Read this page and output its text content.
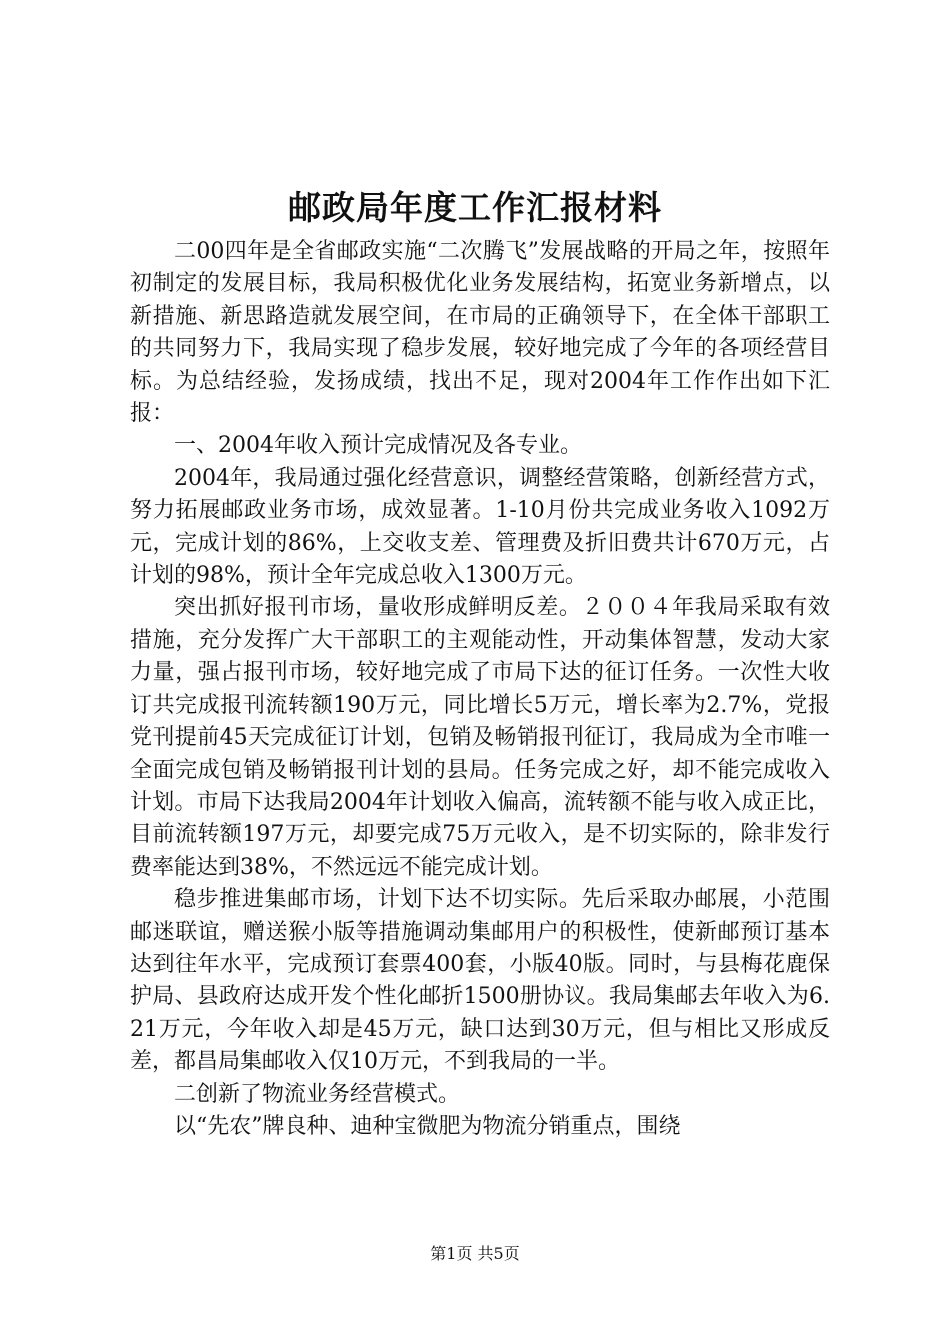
邮政局年度工作汇报材料

二00四年是全省邮政实施“二次腾飞”发展战略的开局之年，按照年初制定的发展目标，我局积极优化业务发展结构，拓宽业务新增点，以新措施、新思路造就发展空间，在市局的正确领导下，在全体干部职工的共同努力下，我局实现了稳步发展，较好地完成了今年的各项经营目标。为总结经验，发扬成绩，找出不足，现对2004年工作作出如下汇报：

一、2004年收入预计完成情况及各专业。

2004年，我局通过强化经营意识，调整经营策略，创新经营方式，努力拓展邮政业务市场，成效显著。1-10月份共完成业务收入1092万元，完成计划的86%，上交收支差、管理费及折旧费共计670万元，占计划的98%，预计全年完成总收入1300万元。

突出抓好报刊市场，量收形成鲜明反差。２００４年我局采取有效措施，充分发挥广大干部职工的主观能动性，开动集体智慧，发动大家力量，强占报刊市场，较好地完成了市局下达的征订任务。一次性大收订共完成报刊流转额190万元，同比增长5万元，增长率为2.7%，党报党刊提前45天完成征订计划，包销及畅销报刊征订，我局成为全市唯一全面完成包销及畅销报刊计划的县局。任务完成之好，却不能完成收入计划。市局下达我局2004年计划收入偏高，流转额不能与收入成正比，目前流转额197万元，却要完成75万元收入，是不切实际的，除非发行费率能达到38%，不然远远不能完成计划。

稳步推进集邮市场，计划下达不切实际。先后采取办邮展，小范围邮迷联谊，赠送猴小版等措施调动集邮用户的积极性，使新邮预订基本达到往年水平，完成预订套票400套，小版40版。同时，与县梅花鹿保护局、县政府达成开发个性化邮折1500册协议。我局集邮去年收入为6.21万元，今年收入却是45万元，缺口达到30万元，但与相比又形成反差，都昌局集邮收入仅10万元，不到我局的一半。

二创新了物流业务经营模式。

以“先农”牌良种、迪种宝微肥为物流分销重点，围绕

第1页 共5页
